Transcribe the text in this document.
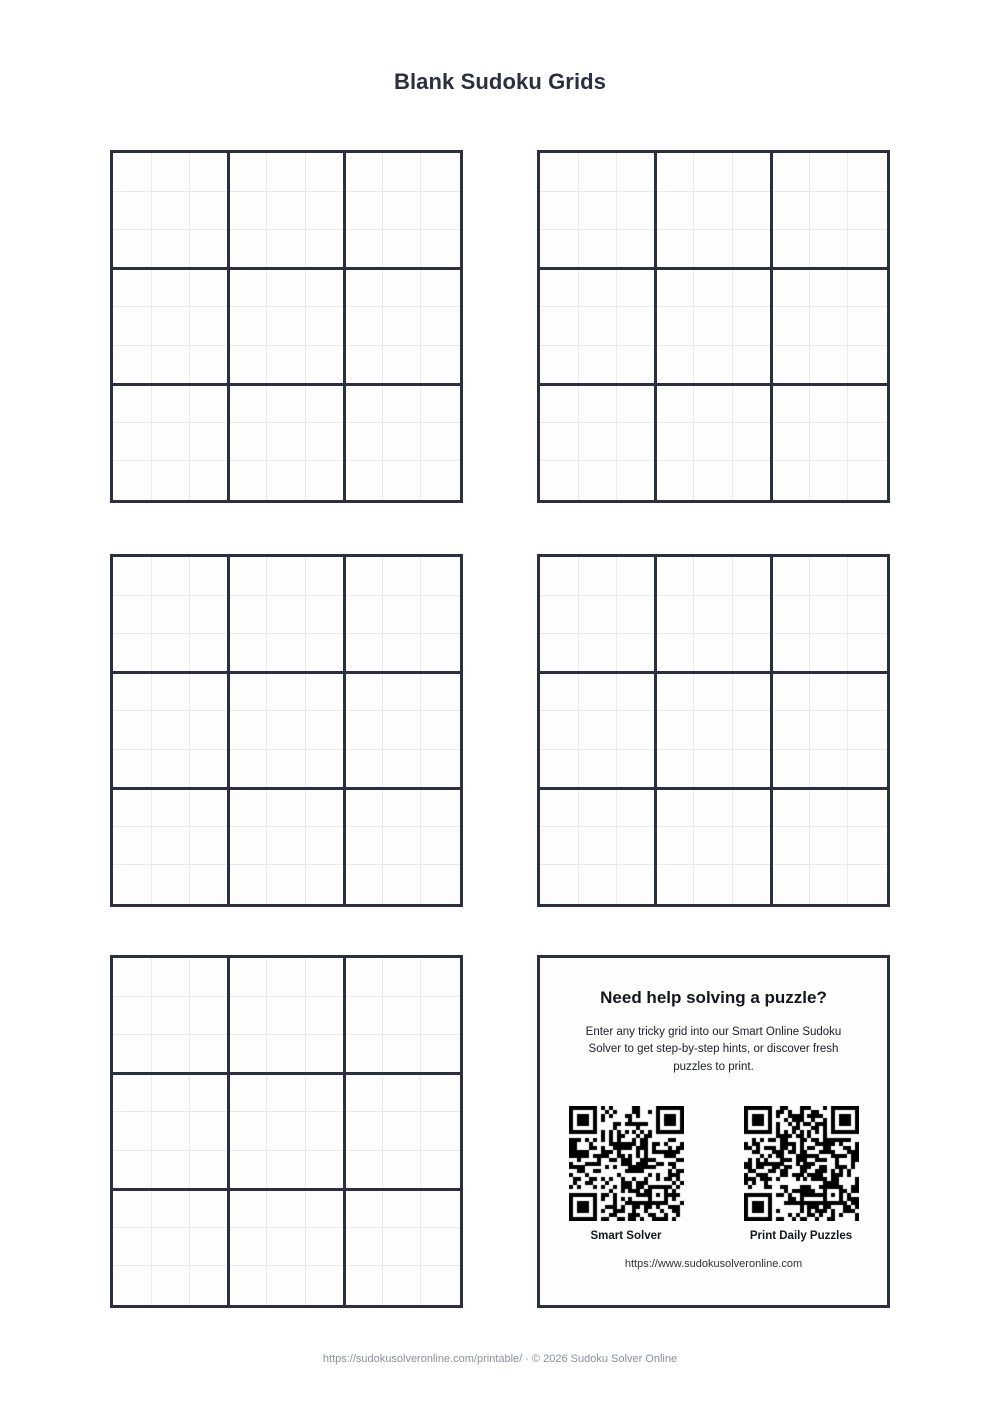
Blank Sudoku Grids
Need help solving a puzzle?
Enter any tricky grid into our Smart Online Sudoku Solver to get step-by-step hints, or discover fresh puzzles to print.
Smart Solver	Print Daily Puzzles
https://www.sudokusolveronline.com
https://sudokusolveronline.com/printable/ · © 2026 Sudoku Solver Online
